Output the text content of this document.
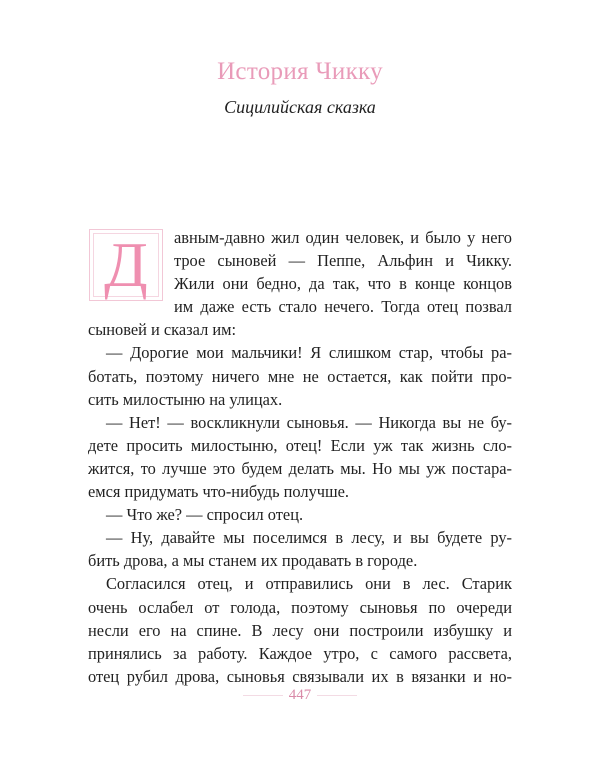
История Чикку
Сицилийская сказка
Д	авным-давно жил один человек, и было у него
трое сыновей — Пеппе, Альфин и Чикку.
Жили они бедно, да так, что в конце концов
им даже есть стало нечего. Тогда отец позвал
сыновей и сказал им:
— Дорогие мои мальчики! Я слишком стар, чтобы ра-
ботать, поэтому ничего мне не остается, как пойти про-
сить милостыню на улицах.
— Нет! — воскликнули сыновья. — Никогда вы не бу-
дете просить милостыню, отец! Если уж так жизнь сло-
жится, то лучше это будем делать мы. Но мы уж постара-
емся придумать что-нибудь получше.
— Что же? — спросил отец.
— Ну, давайте мы поселимся в лесу, и вы будете ру-
бить дрова, а мы станем их продавать в городе.
Согласился отец, и отправились они в лес. Старик
очень ослабел от голода, поэтому сыновья по очереди
несли его на спине. В лесу они построили избушку и
принялись за работу. Каждое утро, с самого рассвета,
отец рубил дрова, сыновья связывали их в вязанки и но-
447
